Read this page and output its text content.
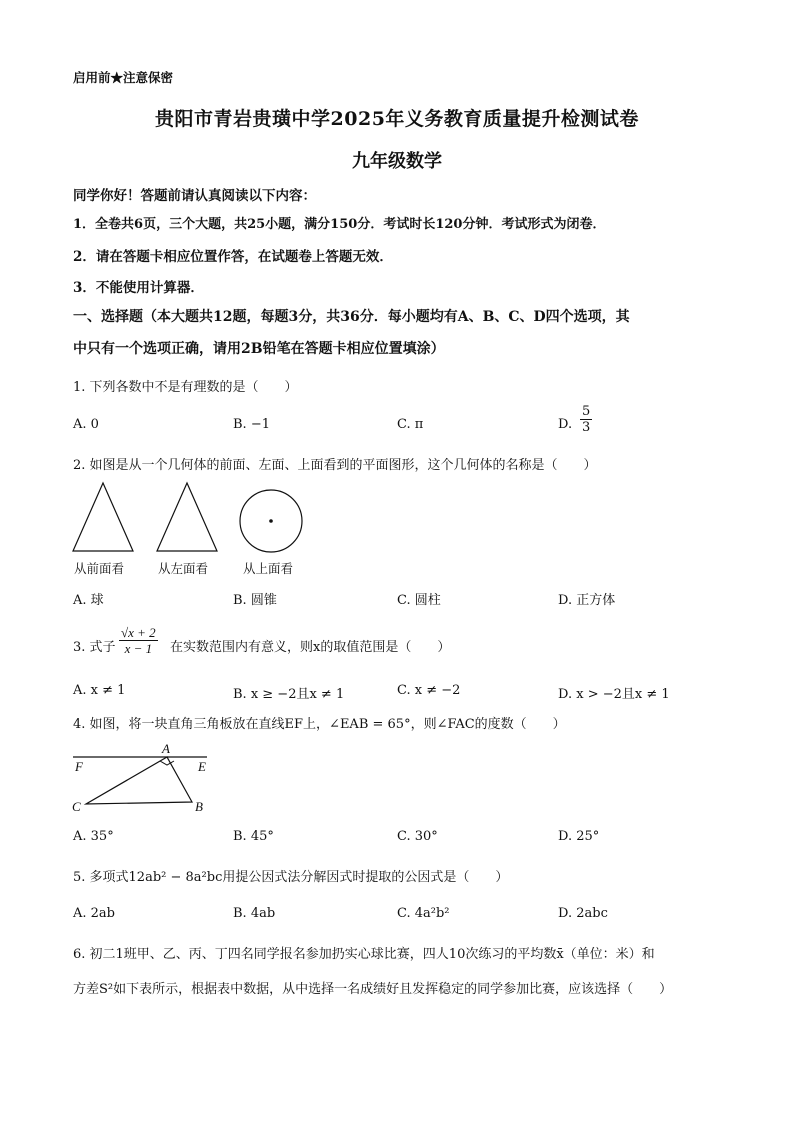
启用前★注意保密
贵阳市青岩贵璜中学2025年义务教育质量提升检测试卷
九年级数学
同学你好！答题前请认真阅读以下内容：
1．全卷共6页，三个大题，共25小题，满分150分．考试时长120分钟．考试形式为闭卷．
2．请在答题卡相应位置作答，在试题卷上答题无效．
3．不能使用计算器．
一、选择题（本大题共12题，每题3分，共36分．每小题均有A、B、C、D四个选项，其
中只有一个选项正确，请用2B铅笔在答题卡相应位置填涂）
1. 下列各数中不是有理数的是（　　）
A. 0	B. −1	C. π	D. $\frac{5}{3}$
2. 如图是从一个几何体的前面、左面、上面看到的平面图形，这个几何体的名称是（　　）
从前面看	从左面看	从上面看
A. 球	B. 圆锥	C. 圆柱	D. 正方体
3. 式子 $\frac{√x + 2}{x - 1}$ 在实数范围内有意义，则x的取值范围是（　　）
A. x ≠ 1	B. x ≥ −2且x ≠ 1	C. x ≠ −2	D. x > −2且x ≠ 1
4. 如图，将一块直角三角板放在直线EF上，∠EAB = 65°，则∠FAC的度数（　　）
A
F	E
C	B
A. 35°	B. 45°	C. 30°	D. 25°
5. 多项式12ab² − 8a²bc用提公因式法分解因式时提取的公因式是（　　）
A. 2ab	B. 4ab	C. 4a²b²	D. 2abc
6. 初二1班甲、乙、丙、丁四名同学报名参加扔实心球比赛，四人10次练习的平均数x̄（单位：米）和
方差S²如下表所示，根据表中数据，从中选择一名成绩好且发挥稳定的同学参加比赛，应该选择（　　）
